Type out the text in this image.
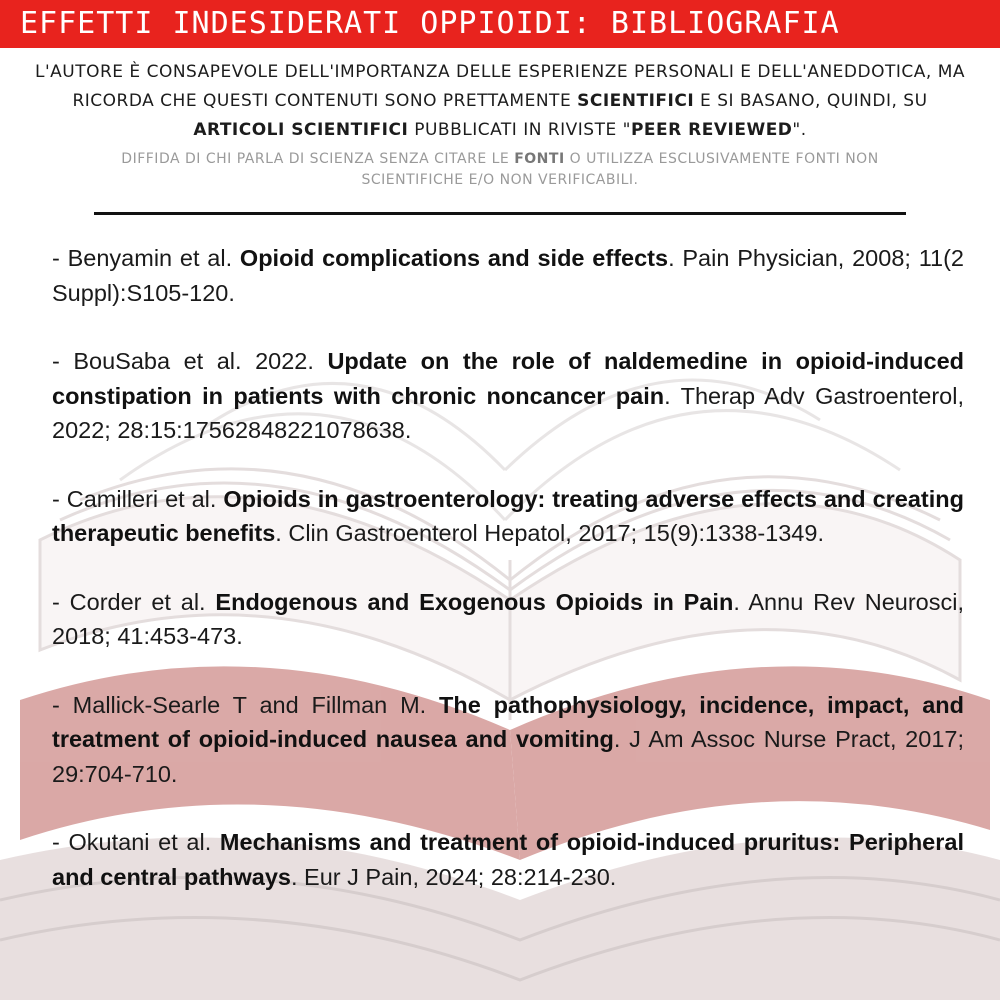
EFFETTI INDESIDERATI OPPIOIDI: BIBLIOGRAFIA
L'AUTORE È CONSAPEVOLE DELL'IMPORTANZA DELLE ESPERIENZE PERSONALI E DELL'ANEDDOTICA, MA RICORDA CHE QUESTI CONTENUTI SONO PRETTAMENTE SCIENTIFICI E SI BASANO, QUINDI, SU ARTICOLI SCIENTIFICI PUBBLICATI IN RIVISTE "PEER REVIEWED".
DIFFIDA DI CHI PARLA DI SCIENZA SENZA CITARE LE FONTI O UTILIZZA ESCLUSIVAMENTE FONTI NON SCIENTIFICHE E/O NON VERIFICABILI.

- Benyamin et al. Opioid complications and side effects. Pain Physician, 2008; 11(2 Suppl):S105-120.

- BouSaba et al. 2022. Update on the role of naldemedine in opioid-induced constipation in patients with chronic noncancer pain. Therap Adv Gastroenterol, 2022; 28:15:17562848221078638.

- Camilleri et al. Opioids in gastroenterology: treating adverse effects and creating therapeutic benefits. Clin Gastroenterol Hepatol, 2017; 15(9):1338-1349.

- Corder et al. Endogenous and Exogenous Opioids in Pain. Annu Rev Neurosci, 2018; 41:453-473.

- Mallick-Searle T and Fillman M. The pathophysiology, incidence, impact, and treatment of opioid-induced nausea and vomiting. J Am Assoc Nurse Pract, 2017; 29:704-710.

- Okutani et al. Mechanisms and treatment of opioid-induced pruritus: Peripheral and central pathways. Eur J Pain, 2024; 28:214-230.
